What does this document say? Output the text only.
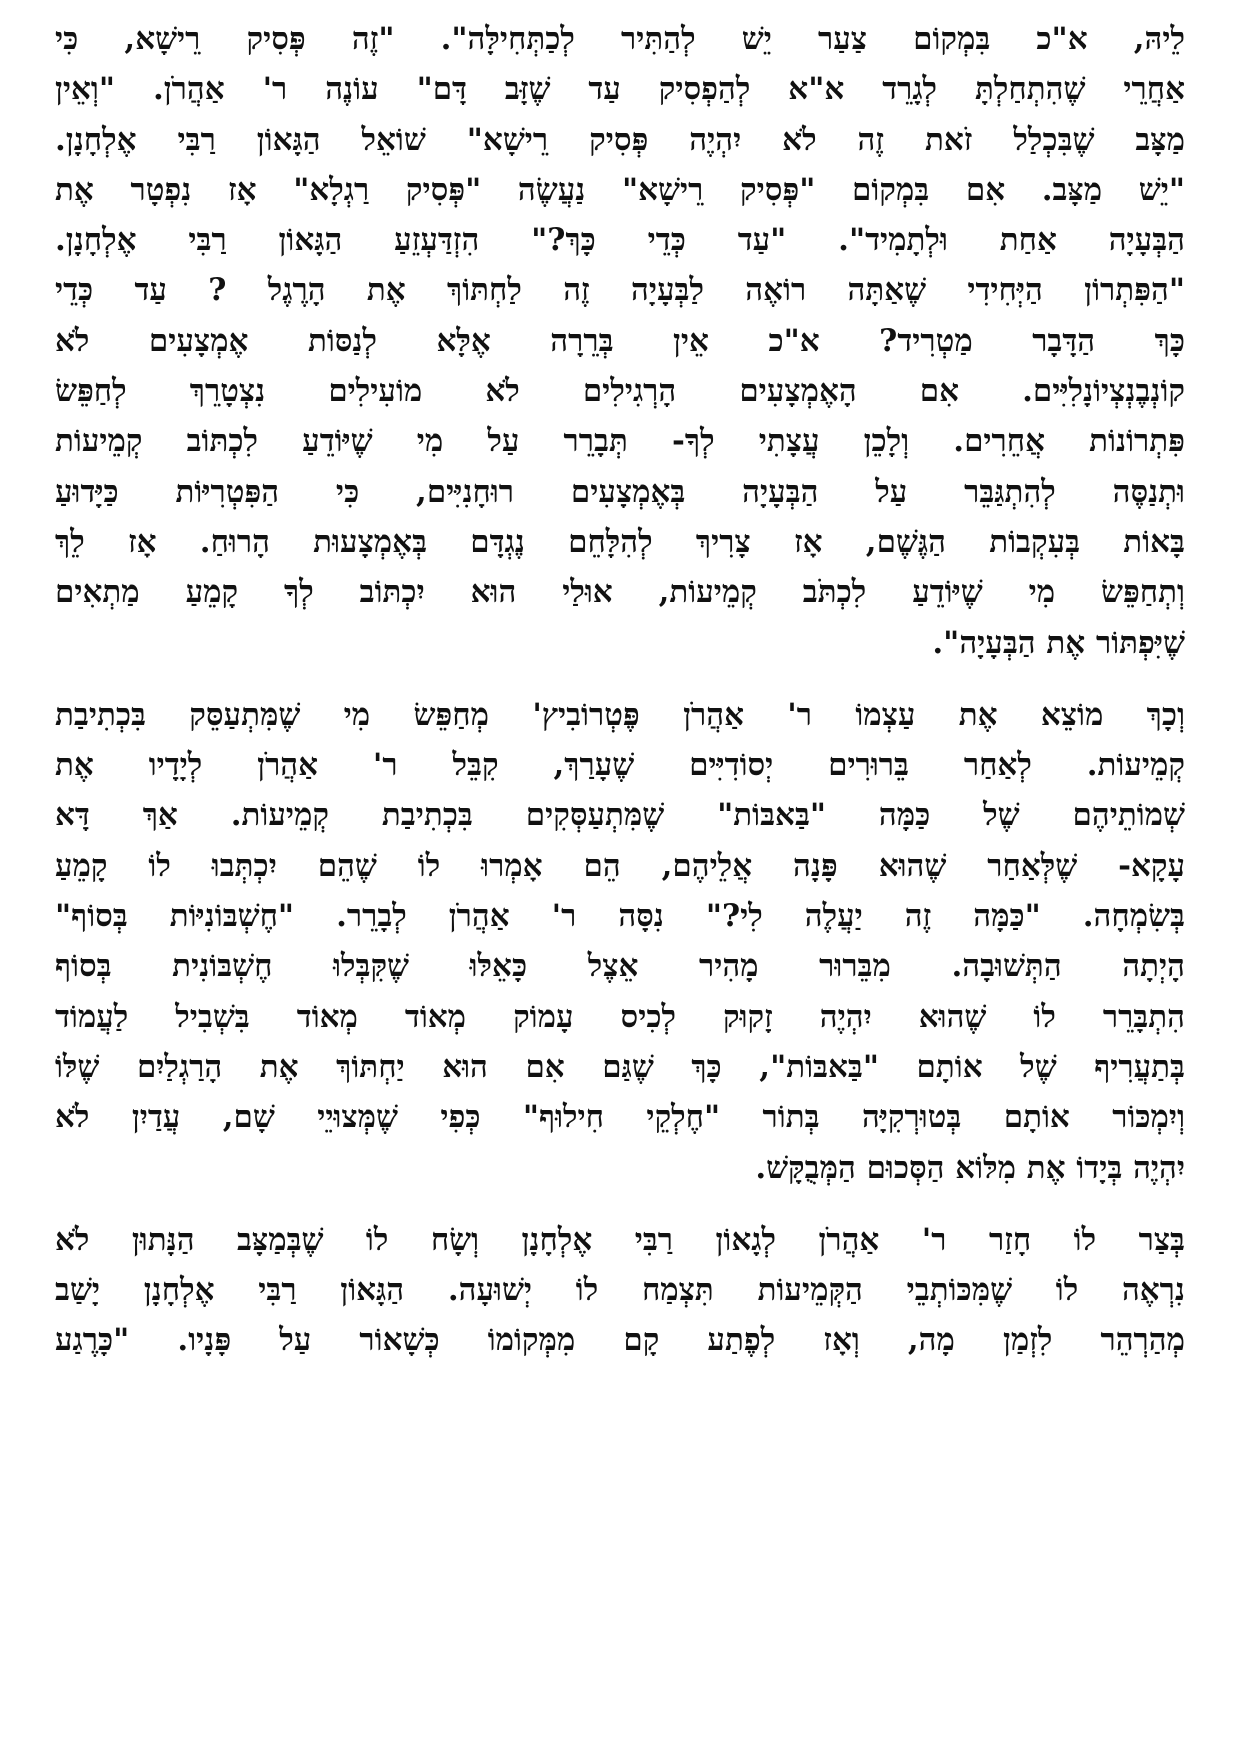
לֵיהּ, א"כ בִּמְקוֹם צַעַר יֵשׁ לְהַתִּיר לְכַתְּחִילָּה". "זֶה פְּסִיק רֵישָׁא, כִּי
אַחֲרֵי שֶׁהִתְחַלְתָּ לְגָרֵד א"א לְהַפְסִיק עַד שֶׁזָּב דָּם" עוֹנֶה ר' אַהֲרֹן. "וְאֵין
מַצָּב שֶׁבִּכְלַל זֹאת זֶה לֹא יִהְיֶה פְּסִיק רֵישָׁא" שׁוֹאֵל הַגָּאוֹן רַבִּי אֶלְחָנָן.
"יֵשׁ מַצָּב. אִם בִּמְקוֹם "פְּסִיק רֵישָׁא" נַעֲשֶׂה "פְּסִיק רַגְלָא" אָז נִפְטָר אֶת
הַבְּעָיָה אַחַת וּלְתָמִיד". "עַד כְּדֵי כָּךְ?" הִזְדַּעְזֵעַ הַגָּאוֹן רַבִּי אֶלְחָנָן.
"הַפִּתְרוֹן הַיְּחִידִי שֶׁאַתָּה רוֹאֶה לַבְּעָיָה זֶה לַחְתּוֹךְ אֶת הָרֶגֶל ? עַד כְּדֵי
כָּךְ הַדָּבָר מַטְרִיד? א"כ אֵין בְּרֵרָה אֶלָּא לְנַסּוֹת אֶמְצָעִים לֹא
קוֹנְבֶנְצְיוֹנָלִיִּים. אִם הָאֶמְצָעִים הָרְגִילִים לֹא מוֹעִילִים נִצְטָרֵךְ לְחַפֵּשׂ
פִּתְרוֹנוֹת אֲחֵרִים. וְלָכֵן עֲצָתִי לְךָ- תְּבָרֵר עַל מִי שֶׁיּוֹדֵעַ לִכְתּוֹב קְמֵיעוֹת
וּתְנַסֶּה לְהִתְגַּבֵּר עַל הַבְּעָיָה בְּאֶמְצָעִים רוּחָנִיִּים, כִּי הַפִּטְרִיּוֹת כַּיָּדוּעַ
בָּאוֹת בְּעִקְבוֹת הַגֶּשֶׁם, אָז צָרִיךְ לְהִלָּחֵם נֶגְדָּם בְּאֶמְצָעוּת הָרוּחַ. אָז לֵךְ
וְתְחַפֵּשׂ מִי שֶׁיּוֹדֵעַ לִכְתֹּב קְמֵיעוֹת, אוּלַי הוּא יִכְתּוֹב לְךָ קָמֵעַ מַתְאִים
שֶׁיִּפְתּוֹר אֶת הַבְּעָיָה".
וְכָךְ מוֹצֵא אֶת עַצְמוֹ ר' אַהֲרֹן פֶּטְרוֹבִיץ' מְחַפֵּשׂ מִי שֶׁמִּתְעַסֵּק בִּכְתִיבַת
קְמֵיעוֹת. לְאַחַר בֵּרוּרִים יְסוֹדִיִּים שֶׁעָרַךְ, קִבֵּל ר' אַהֲרֹן לְיָדָיו אֶת
שְׁמוֹתֵיהֶם שֶׁל כַּמָּה "בַּאבּוֹת" שֶׁמִּתְעַסְּקִים בִּכְתִיבַת קְמֵיעוֹת. אַךְ דָּא
עָקָא- שֶׁלְּאַחַר שֶׁהוּא פָּנָה אֲלֵיהֶם, הֵם אָמְרוּ לוֹ שֶׁהֵם יִכְתְּבוּ לוֹ קָמֵעַ
בְּשִׂמְחָה. "כַּמָּה זֶה יַעֲלֶה לִי?" נִסָּה ר' אַהֲרֹן לְבָרֵר. "חֶשְׁבּוֹנִיּוֹת בְּסוֹף"
הָיְתָה הַתְּשׁוּבָה. מִבֵּרוּר מָהִיר אֵצֶל כָּאֵלּוּ שֶׁקִּבְּלוּ חֶשְׁבּוֹנִית בְּסוֹף
הִתְבָּרֵר לוֹ שֶׁהוּא יִהְיֶה זָקוּק לְכִיס עָמוֹק מְאוֹד מְאוֹד בִּשְׁבִיל לַעֲמוֹד
בְּתַעֲרִיף שֶׁל אוֹתָם "בַּאבּוֹת", כָּךְ שֶׁגַּם אִם הוּא יַחְתּוֹךְ אֶת הָרַגְלַיִם שֶׁלּוֹ
וְיִמְכּוֹר אוֹתָם בְּטוּרְקִיָּה בְּתוֹר "חֶלְקֵי חִילוּף" כְּפִי שֶׁמְּצוּיֵי שָׁם, עֲדַיִן לֹא
יִהְיֶה בְּיָדוֹ אֶת מִלּוֹא הַסְּכוּם הַמְּבֻקָּשׁ.
בְּצַר לוֹ חָזַר ר' אַהֲרֹן לְגָאוֹן רַבִּי אֶלְחָנָן וְשָׂח לוֹ שֶׁבְּמַצָּב הַנָּתוּן לֹא
נִרְאֶה לוֹ שֶׁמִּכּוֹתְבֵי הַקְּמֵיעוֹת תִּצְמַח לוֹ יְשׁוּעָה. הַגָּאוֹן רַבִּי אֶלְחָנָן יָשַׁב
מְהַרְהֵר לִזְמַן מָה, וְאָז לְפֶתַע קָם מִמְּקוֹמוֹ כְּשָׁאוֹר עַל פָּנָיו. "כָּרֶגַע
